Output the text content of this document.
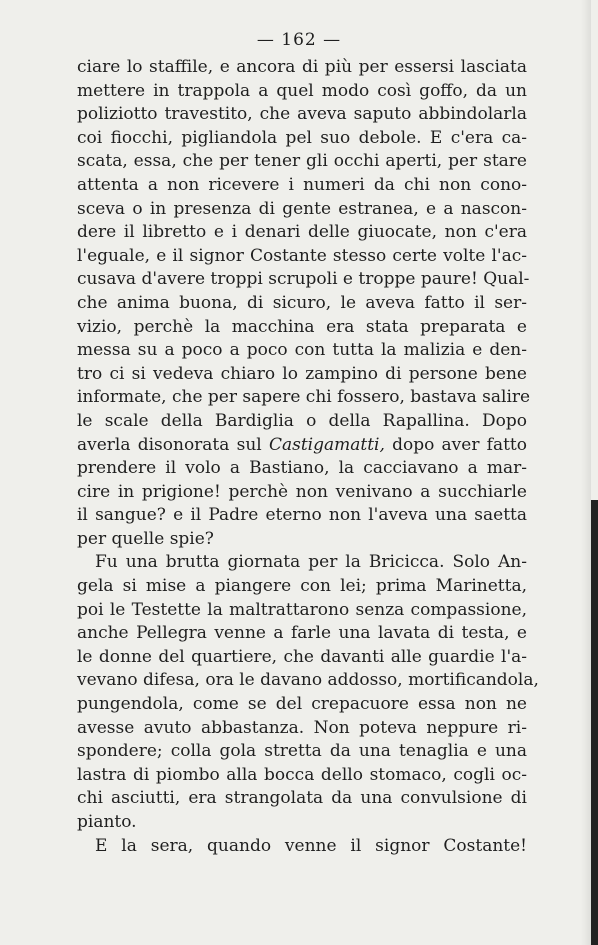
— 162 —
ciare lo staffile, e ancora di più per essersi lasciata
mettere in trappola a quel modo così goffo, da un
poliziotto travestito, che aveva saputo abbindolarla
coi fiocchi, pigliandola pel suo debole. E c'era ca-
scata, essa, che per tener gli occhi aperti, per stare
attenta a non ricevere i numeri da chi non cono-
sceva o in presenza di gente estranea, e a nascon-
dere il libretto e i denari delle giuocate, non c'era
l'eguale, e il signor Costante stesso certe volte l'ac-
cusava d'avere troppi scrupoli e troppe paure! Qual-
che anima buona, di sicuro, le aveva fatto il ser-
vizio, perchè la macchina era stata preparata e
messa su a poco a poco con tutta la malizia e den-
tro ci si vedeva chiaro lo zampino di persone bene
informate, che per sapere chi fossero, bastava salire
le scale della Bardiglia o della Rapallina. Dopo
averla disonorata sul Castigamatti, dopo aver fatto
prendere il volo a Bastiano, la cacciavano a mar-
cire in prigione! perchè non venivano a succhiarle
il sangue? e il Padre eterno non l'aveva una saetta
per quelle spie?
Fu una brutta giornata per la Bricicca. Solo An-
gela si mise a piangere con lei; prima Marinetta,
poi le Testette la maltrattarono senza compassione,
anche Pellegra venne a farle una lavata di testa, e
le donne del quartiere, che davanti alle guardie l'a-
vevano difesa, ora le davano addosso, mortificandola,
pungendola, come se del crepacuore essa non ne
avesse avuto abbastanza. Non poteva neppure ri-
spondere; colla gola stretta da una tenaglia e una
lastra di piombo alla bocca dello stomaco, cogli oc-
chi asciutti, era strangolata da una convulsione di
pianto.
E la sera, quando venne il signor Costante!
